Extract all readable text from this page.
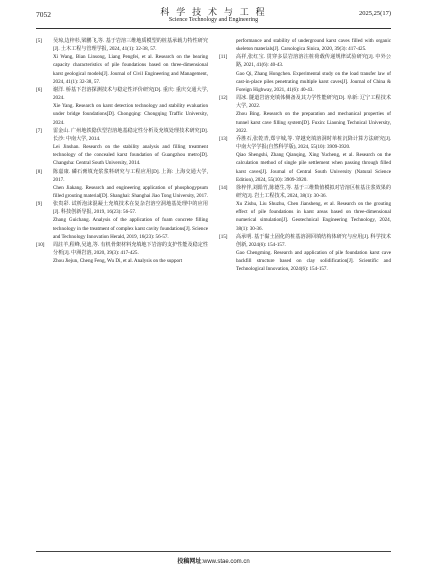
7052	科 学 技 术 与 工 程
Science Technology and Engineering
2025,25(17)
[5] 吴琼,边梓杉,梁鹏飞,等. 基于岩溶三维地质模型的桩基承载力特性研究[J]. 土木工程与管理学报, 2024, 41(1): 32-38, 57.

Xi Wang, Bian Linsong, Liang Pengfei, et al. Research on the bearing capacity characteristics of pile foundations based on three-dimensional karst geological models[J]. Journal of Civil Engineering and Management, 2024, 41(1): 32-38, 57.

[6] 谢洋. 桥基下岩溶探测技术与稳定性评价研究[D]. 重庆: 重庆交通大学, 2024.

Xie Yang. Research on karst detection technology and stability evaluation under bridge foundations[D]. Chongqing: Chongqing Traffic University, 2024.

[7] 雷金山. 广州地铁隐伏型岩溶地基稳定性分析及充填处理技术研究[D]. 长沙: 中南大学, 2014.

Lei Jinshan. Research on the stability analysis and filling treatment technology of the concealed karst foundation of Guangzhou metro[D]. Changsha: Central South University, 2014.

[8] 陈嘉康. 磷石膏填充浆浆料研究与工程应用[D]. 上海: 上海交通大学, 2017.

Chen Jiakang. Research and engineering application of phosphogypsum filled grouting material[D]. Shanghai: Shanghai Jiao Tong University, 2017.

[9] 张贵彩. 试析泡沫混凝土充填技术在复杂岩溶空洞地基处理中的应用[J]. 科技创新导报, 2019, 16(23): 56-57.

Zhang Guichang. Analysis of the application of foam concrete filling technology in the treatment of complex karst cavity foundations[J]. Science and Technology Innovation Herald, 2019, 16(23): 56-57.

[10] 周註羊,程峰,吴迪,等. 有机骨架材料充填地下岩溶的支护性能及稳定性分析[J]. 中洲岩溶, 2020, 39(3): 417-425.

Zhou Jiejun, Cheng Feng, Wu Di, et al. Analysis on the support

performance and stability of underground karst caves filled with organic skeleton materials[J]. Carsologica Sinica, 2020, 39(3): 417-425.

[11] 高祥,张红宝. 贯穿多层岩溶溶注桩荷载传递规律试验研究[J]. 中外公路, 2021, 41(6): 40-43.

Gao Qi, Zhang Hongchen. Experimental study on the load transfer law of cast-in-place piles penetrating multiple karst caves[J]. Journal of China & Foreign Highway, 2021, 41(6): 40-43.

[12] 周冰. 隧道岩溶充填体侧备及其力学性能研究[D]. 阜新: 辽宁工程技术大学, 2022.

Zhou Bing. Research on the preparation and mechanical properties of tunnel karst cave filling system[D]. Fuxin: Liaoning Technical University, 2022.

[13] 乔胜石,张乾青,郑宇城,等. 穿越充填溶洞时单桩沉降计算方法研究[J]. 中南大学学报(自然科学版), 2024, 55(10): 3909-3920.

Qiao Shengshi, Zhang Qianqing, Xing Yucheng, et al. Research on the calculation method of single pile settlement when passing through filled karst caves[J]. Journal of Central South University (Natural Science Edition), 2024, 55(10): 3909-3920.

[14] 徐梓伴,刘鉛竹,陈德生,等. 基于三维数值模拟对岩溶区桩基注浆效果的研究[J]. 岩土工程技术, 2024, 38(1): 30-36.

Xu Zishu, Liu Shuzhu, Chen Jiansheng, et al. Research on the grouting effect of pile foundations in karst areas based on three-dimensional numerical simulation[J]. Geotechnical Engineering Technology, 2024, 38(1): 30-36.

[15] 高承明. 基于黏土固化的桩基溶洞回填结构体研究与应用[J]. 科学技术创新, 2024(6): 154-157.

Gao Chengming. Research and application of pile foundation karst cave backfill structure based on clay solidification[J]. Scientific and Technological Innovation, 2024(6): 154-157.

投稿网址:www.stae.com.cn
